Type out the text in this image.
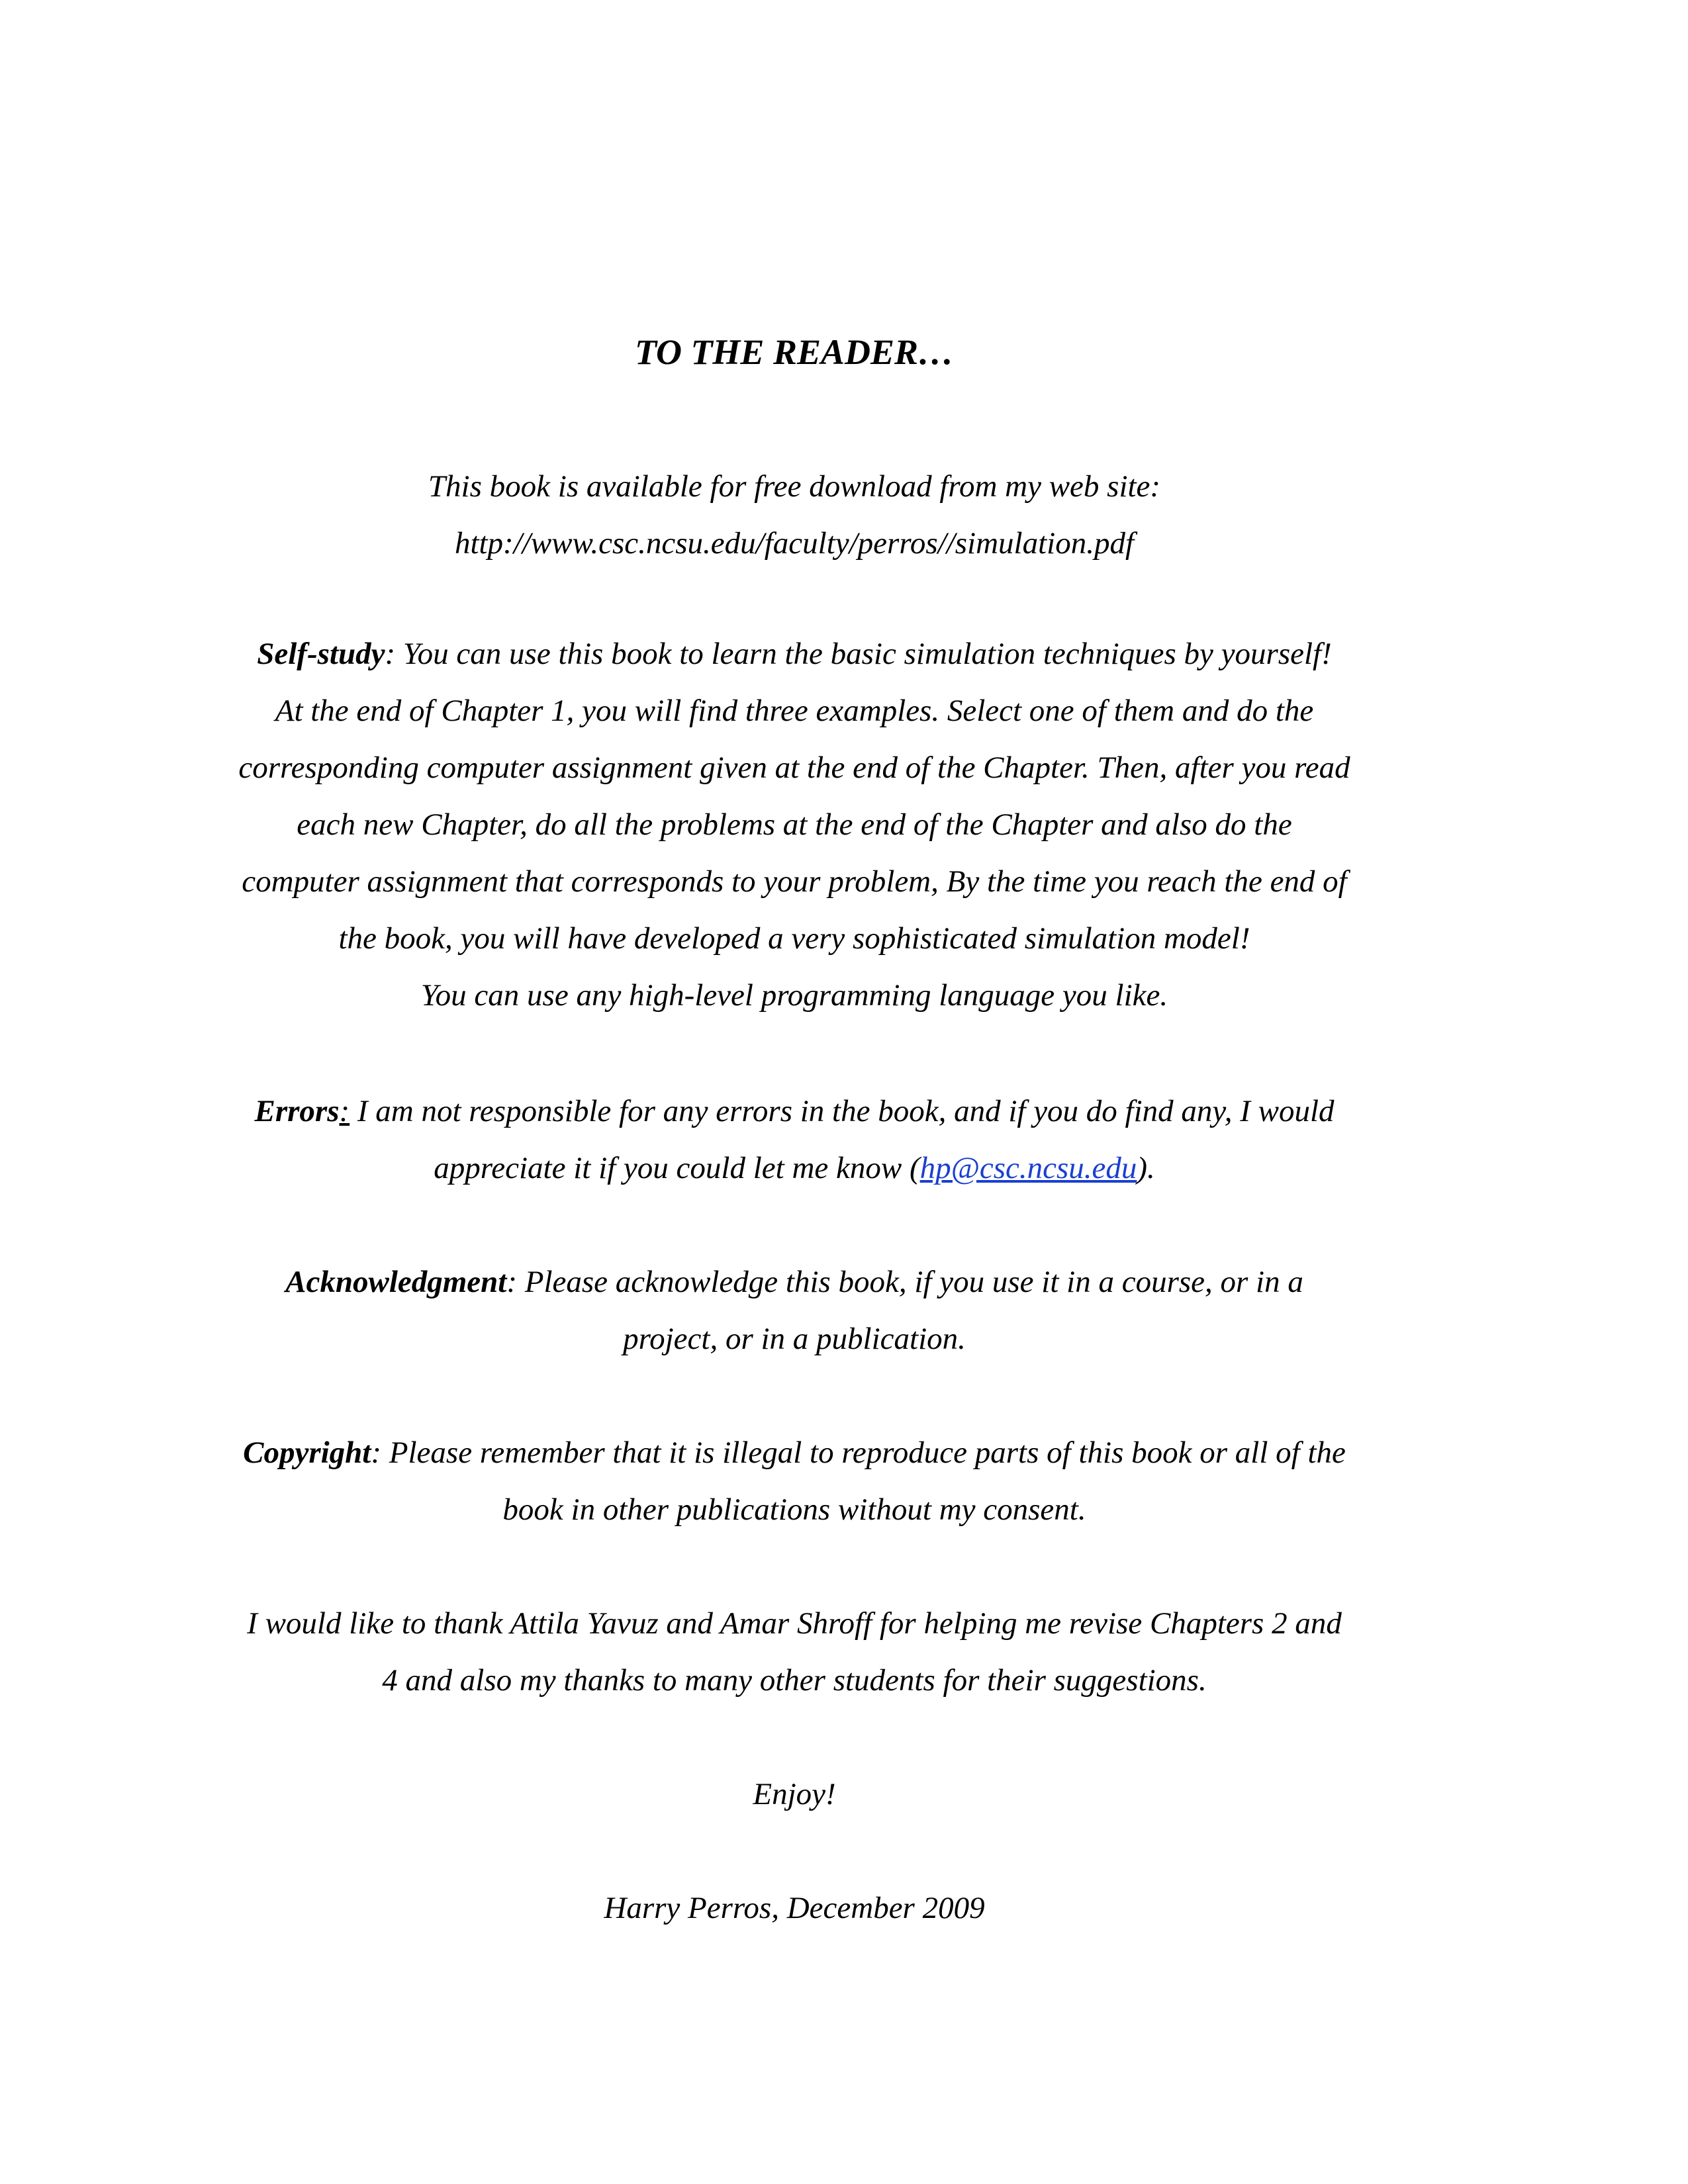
TO THE READER…
This book is available for free download from my web site:
http://www.csc.ncsu.edu/faculty/perros//simulation.pdf
Self-study: You can use this book to learn the basic simulation techniques by yourself!
At the end of Chapter 1, you will find three examples. Select one of them and do the
corresponding computer assignment given at the end of the Chapter. Then, after you read
each new Chapter, do all the problems at the end of the Chapter and also do the
computer assignment that corresponds to your problem, By the time you reach the end of
the book, you will have developed a very sophisticated simulation model!
You can use any high-level programming language you like.
Errors: I am not responsible for any errors in the book, and if you do find any, I would
appreciate it if you could let me know (hp@csc.ncsu.edu).
Acknowledgment: Please acknowledge this book, if you use it in a course, or in a
project, or in a publication.
Copyright: Please remember that it is illegal to reproduce parts of this book or all of the
book in other publications without my consent.
I would like to thank Attila Yavuz and Amar Shroff for helping me revise Chapters 2 and
4 and also my thanks to many other students for their suggestions.
Enjoy!
Harry Perros, December 2009
